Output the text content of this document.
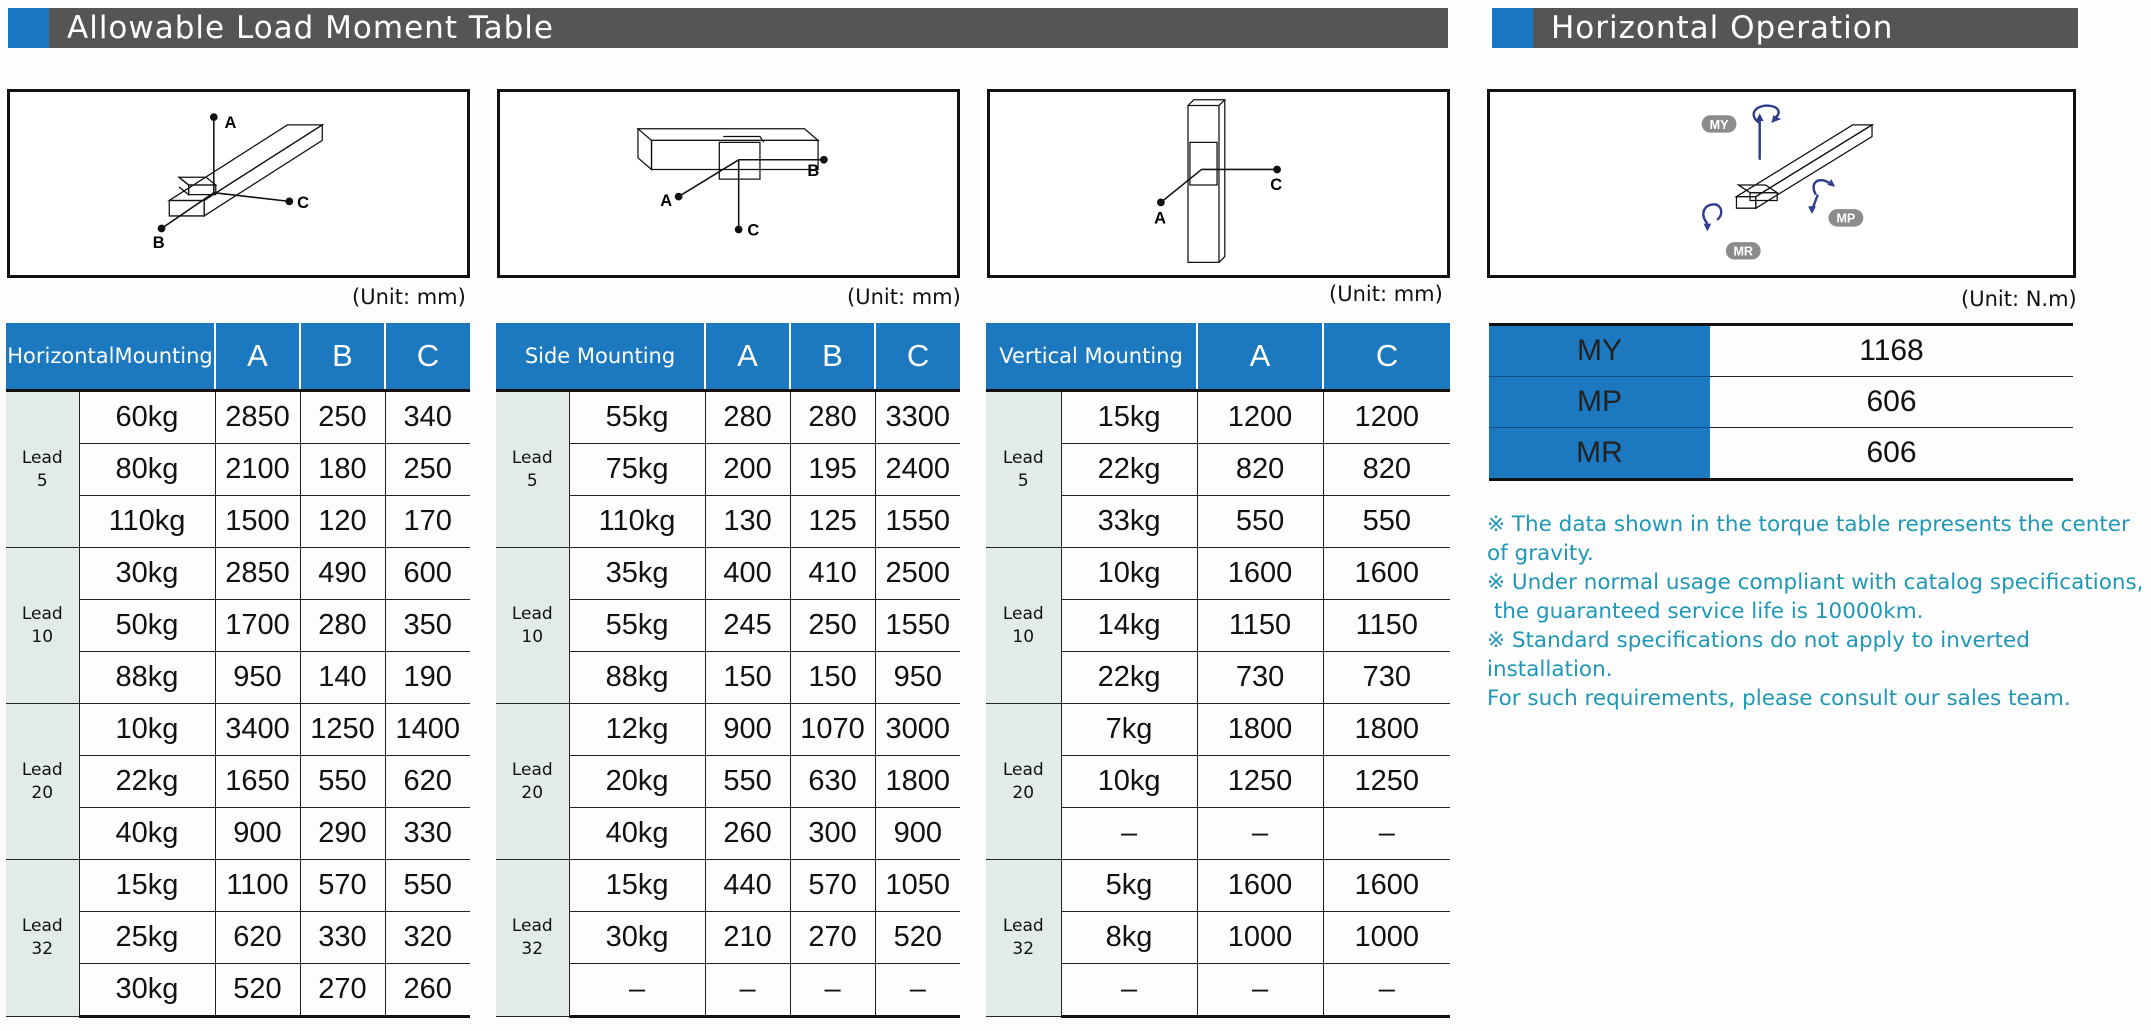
Allowable Load Moment Table	Horizontal Operation
A
C
B
A
B
C
A
C
MY
MP
MR
(Unit: mm)	(Unit: mm)	(Unit: mm)	(Unit: N.m)
HorizontalMounting		A	B	C

Lead
5	60kg	2850	250	340
	80kg	2100	180	250
	110kg	1500	120	170

Lead
10	30kg	2850	490	600
	50kg	1700	280	350
	88kg	950	140	190

Lead
20	10kg	3400	1250	1400
	22kg	1650	550	620
	40kg	900	290	330

Lead
32	15kg	1100	570	550
	25kg	620	330	320
	30kg	520	270	260
Side Mounting		A	B	C

Lead
5	55kg	280	280	3300
	75kg	200	195	2400
	110kg	130	125	1550

Lead
10	35kg	400	410	2500
	55kg	245	250	1550
	88kg	150	150	950

Lead
20	12kg	900	1070	3000
	20kg	550	630	1800
	40kg	260	300	900

Lead
32	15kg	440	570	1050
	30kg	210	270	520
	–	–	–	–
Vertical Mounting		A	C

Lead
5	15kg	1200	1200
	22kg	820	820
	33kg	550	550

Lead
10	10kg	1600	1600
	14kg	1150	1150
	22kg	730	730

Lead
20	7kg	1800	1800
	10kg	1250	1250
	–	–	–

Lead
32	5kg	1600	1600
	8kg	1000	1000
	–	–	–
MY	1168
MP	606
MR	606

※ The data shown in the torque table represents the center

of gravity.

※ Under normal usage compliant with catalog specifications,

the guaranteed service life is 10000km.

※ Standard specifications do not apply to inverted installation.

For such requirements, please consult our sales team.
